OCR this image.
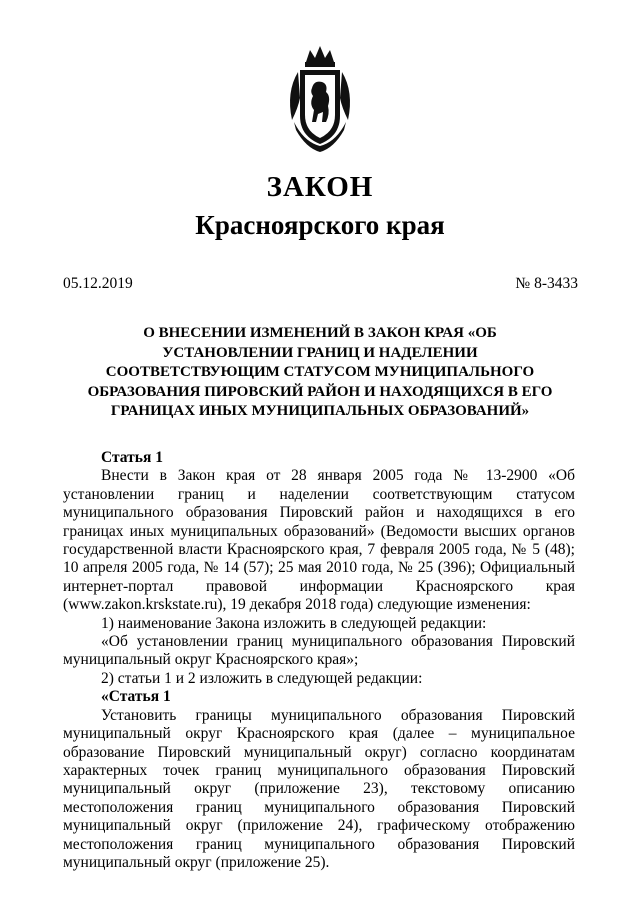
ЗАКОН
Красноярского края
05.12.2019	№ 8-3433
О ВНЕСЕНИИ ИЗМЕНЕНИЙ В ЗАКОН КРАЯ «ОБ УСТАНОВЛЕНИИ ГРАНИЦ И НАДЕЛЕНИИ СООТВЕТСТВУЮЩИМ СТАТУСОМ МУНИЦИПАЛЬНОГО ОБРАЗОВАНИЯ ПИРОВСКИЙ РАЙОН И НАХОДЯЩИХСЯ В ЕГО ГРАНИЦАХ ИНЫХ МУНИЦИПАЛЬНЫХ ОБРАЗОВАНИЙ»

Статья 1

Внести в Закон края от 28 января 2005 года № 13-2900 «Об установлении границ и наделении соответствующим статусом муниципального образования Пировский район и находящихся в его границах иных муниципальных образований» (Ведомости высших органов государственной власти Красноярского края, 7 февраля 2005 года, № 5 (48); 10 апреля 2005 года, № 14 (57); 25 мая 2010 года, № 25 (396); Официальный интернет-портал правовой информации Красноярского края (www.zakon.krskstate.ru), 19 декабря 2018 года) следующие изменения:

1) наименование Закона изложить в следующей редакции:

«Об установлении границ муниципального образования Пировский муниципальный округ Красноярского края»;

2) статьи 1 и 2 изложить в следующей редакции:

«Статья 1

Установить границы муниципального образования Пировский муниципальный округ Красноярского края (далее – муниципальное образование Пировский муниципальный округ) согласно координатам характерных точек границ муниципального образования Пировский муниципальный округ (приложение 23), текстовому описанию местоположения границ муниципального образования Пировский муниципальный округ (приложение 24), графическому отображению местоположения границ муниципального образования Пировский муниципальный округ (приложение 25).
